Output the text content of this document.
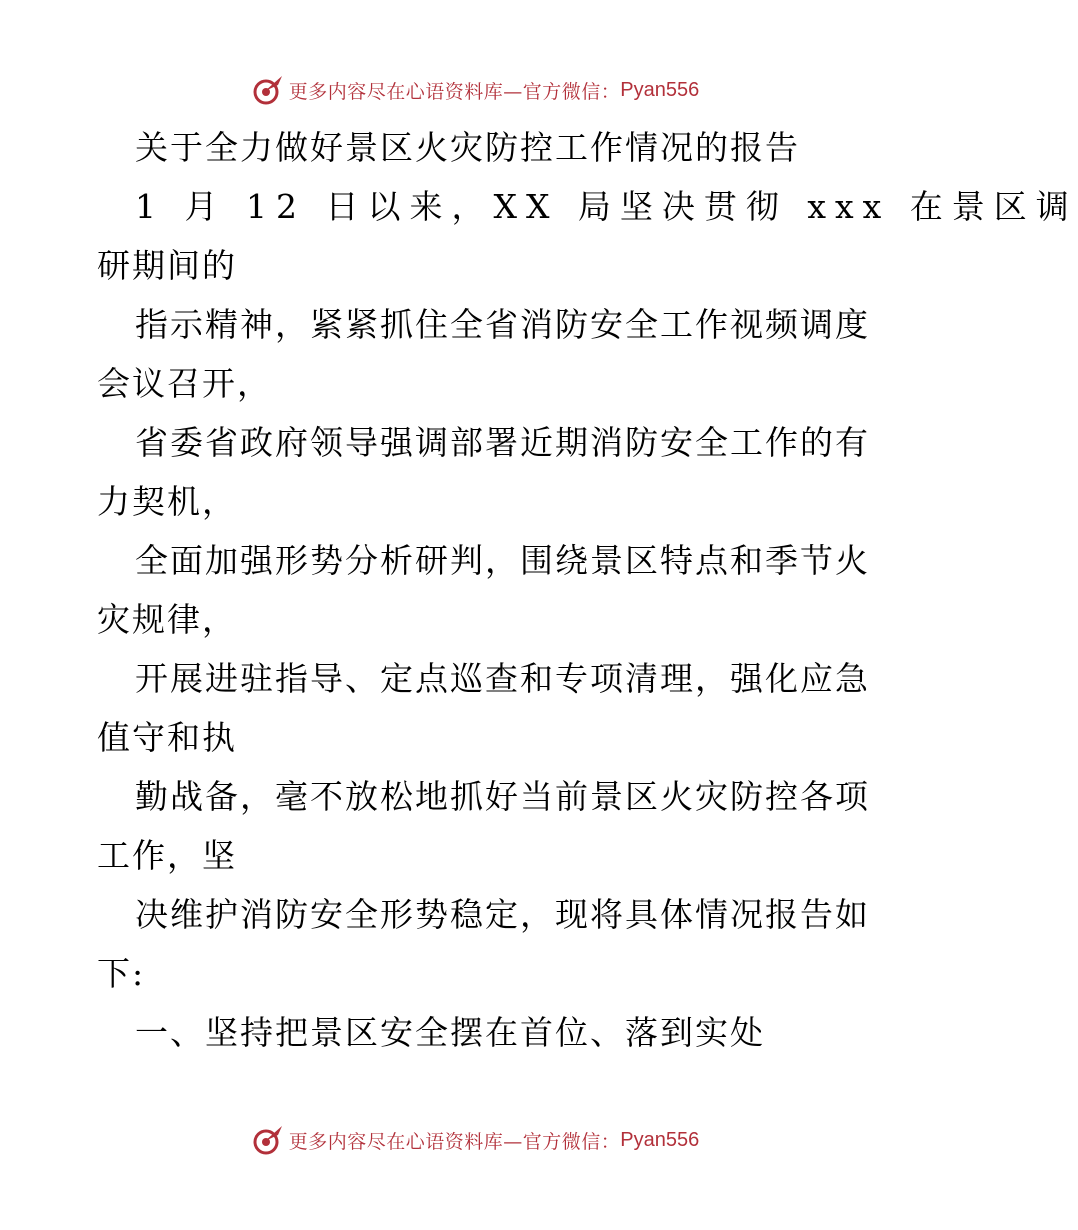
更多内容尽在心语资料库—官方微信： Pyan556
关于全力做好景区火灾防控工作情况的报告
1 月 12 日以来，XX 局坚决贯彻 xxx 在景区调
研期间的
指示精神，紧紧抓住全省消防安全工作视频调度
会议召开，
省委省政府领导强调部署近期消防安全工作的有
力契机，
全面加强形势分析研判，围绕景区特点和季节火
灾规律，
开展进驻指导、定点巡查和专项清理，强化应急
值守和执
勤战备，毫不放松地抓好当前景区火灾防控各项
工作，坚
决维护消防安全形势稳定，现将具体情况报告如
下:
一、坚持把景区安全摆在首位、落到实处
更多内容尽在心语资料库—官方微信： Pyan556
